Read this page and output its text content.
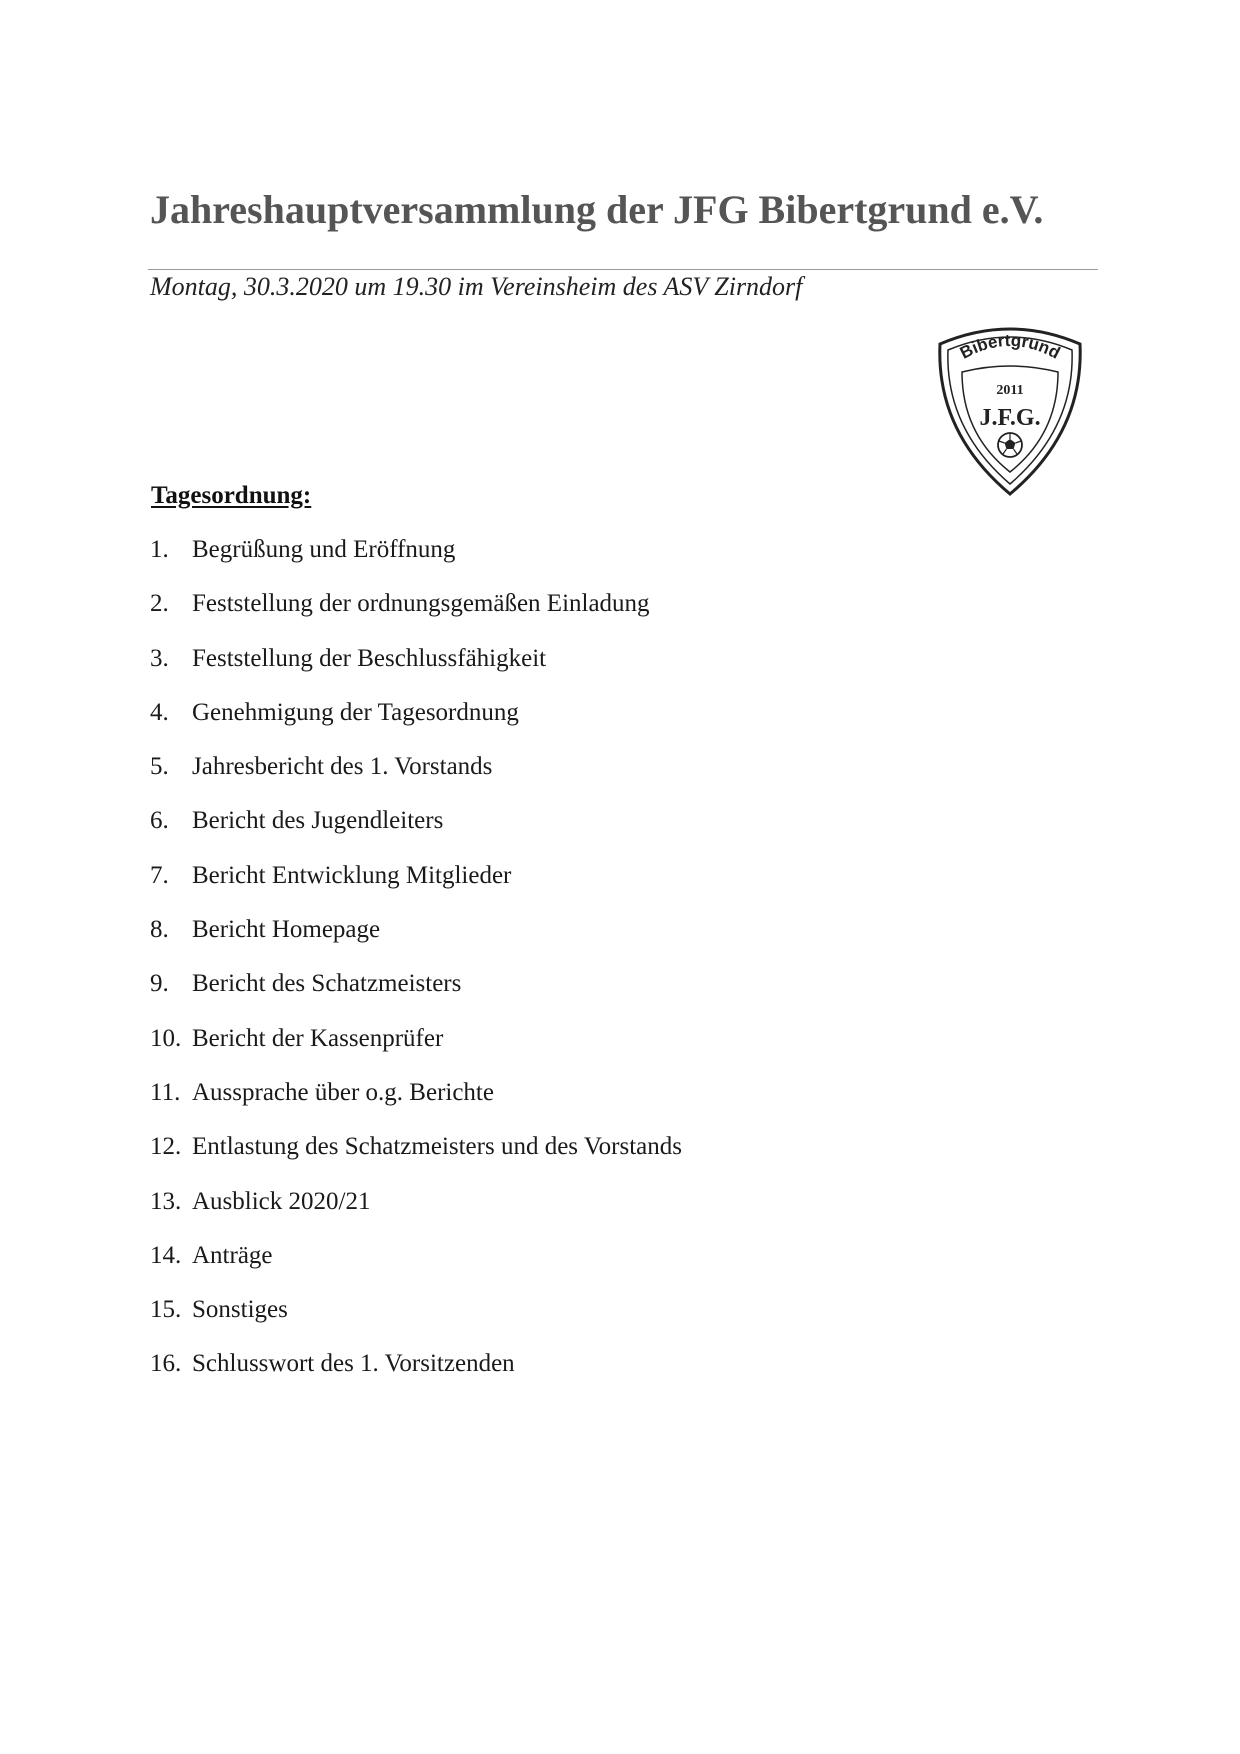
Jahreshauptversammlung der JFG Bibertgrund e.V.
Montag, 30.3.2020 um 19.30 im Vereinsheim des ASV Zirndorf
Bibertgrund
2011
J.F.G.
Tagesordnung:
1. Begrüßung und Eröffnung
2. Feststellung der ordnungsgemäßen Einladung
3. Feststellung der Beschlussfähigkeit
4. Genehmigung der Tagesordnung
5. Jahresbericht des 1. Vorstands
6. Bericht des Jugendleiters
7. Bericht Entwicklung Mitglieder
8. Bericht Homepage
9. Bericht des Schatzmeisters
10. Bericht der Kassenprüfer
11. Aussprache über o.g. Berichte
12. Entlastung des Schatzmeisters und des Vorstands
13. Ausblick 2020/21
14. Anträge
15. Sonstiges
16. Schlusswort des 1. Vorsitzenden
